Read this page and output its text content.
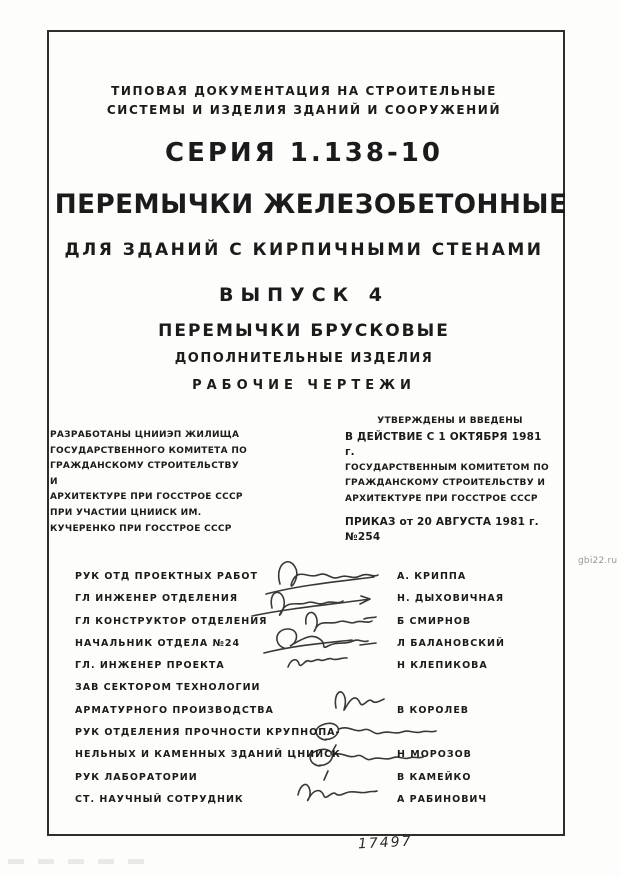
ТИПОВАЯ ДОКУМЕНТАЦИЯ НА СТРОИТЕЛЬНЫЕ
СИСТЕМЫ И ИЗДЕЛИЯ ЗДАНИЙ И СООРУЖЕНИЙ
СЕРИЯ 1.138-10
ПЕРЕМЫЧКИ ЖЕЛЕЗОБЕТОННЫЕ
ДЛЯ ЗДАНИЙ С КИРПИЧНЫМИ СТЕНАМИ
ВЫПУСК 4
ПЕРЕМЫЧКИ БРУСКОВЫЕ
ДОПОЛНИТЕЛЬНЫЕ ИЗДЕЛИЯ
РАБОЧИЕ ЧЕРТЕЖИ
РАЗРАБОТАНЫ ЦНИИЭП ЖИЛИЩА
ГОСУДАРСТВЕННОГО КОМИТЕТА ПО
ГРАЖДАНСКОМУ СТРОИТЕЛЬСТВУ И
АРХИТЕКТУРЕ ПРИ ГОССТРОЕ СССР
ПРИ УЧАСТИИ ЦНИИСК ИМ.
КУЧЕРЕНКО ПРИ ГОССТРОЕ СССР
УТВЕРЖДЕНЫ И ВВЕДЕНЫ
В ДЕЙСТВИЕ С 1 ОКТЯБРЯ 1981 г.
ГОСУДАРСТВЕННЫМ КОМИТЕТОМ ПО
ГРАЖДАНСКОМУ СТРОИТЕЛЬСТВУ И
АРХИТЕКТУРЕ ПРИ ГОССТРОЕ СССР
ПРИКАЗ от 20 АВГУСТА 1981 г. №254
РУК ОТД ПРОЕКТНЫХ РАБОТ	А. КРИППА
ГЛ ИНЖЕНЕР ОТДЕЛЕНИЯ	Н. ДЫХОВИЧНАЯ
ГЛ КОНСТРУКТОР ОТДЕЛЕНИЯ	Б СМИРНОВ
НАЧАЛЬНИК ОТДЕЛА №24	Л БАЛАНОВСКИЙ
ГЛ. ИНЖЕНЕР ПРОЕКТА	Н КЛЕПИКОВА
ЗАВ СЕКТОРОМ ТЕХНОЛОГИИ
АРМАТУРНОГО ПРОИЗВОДСТВА	В КОРОЛЕВ
РУК ОТДЕЛЕНИЯ ПРОЧНОСТИ КРУПНОПА-
НЕЛЬНЫХ И КАМЕННЫХ ЗДАНИЙ ЦНИИСК	Н МОРОЗОВ
РУК ЛАБОРАТОРИИ	В КАМЕЙКО
СТ. НАУЧНЫЙ СОТРУДНИК	А РАБИНОВИЧ
gbi22.ru
17497
